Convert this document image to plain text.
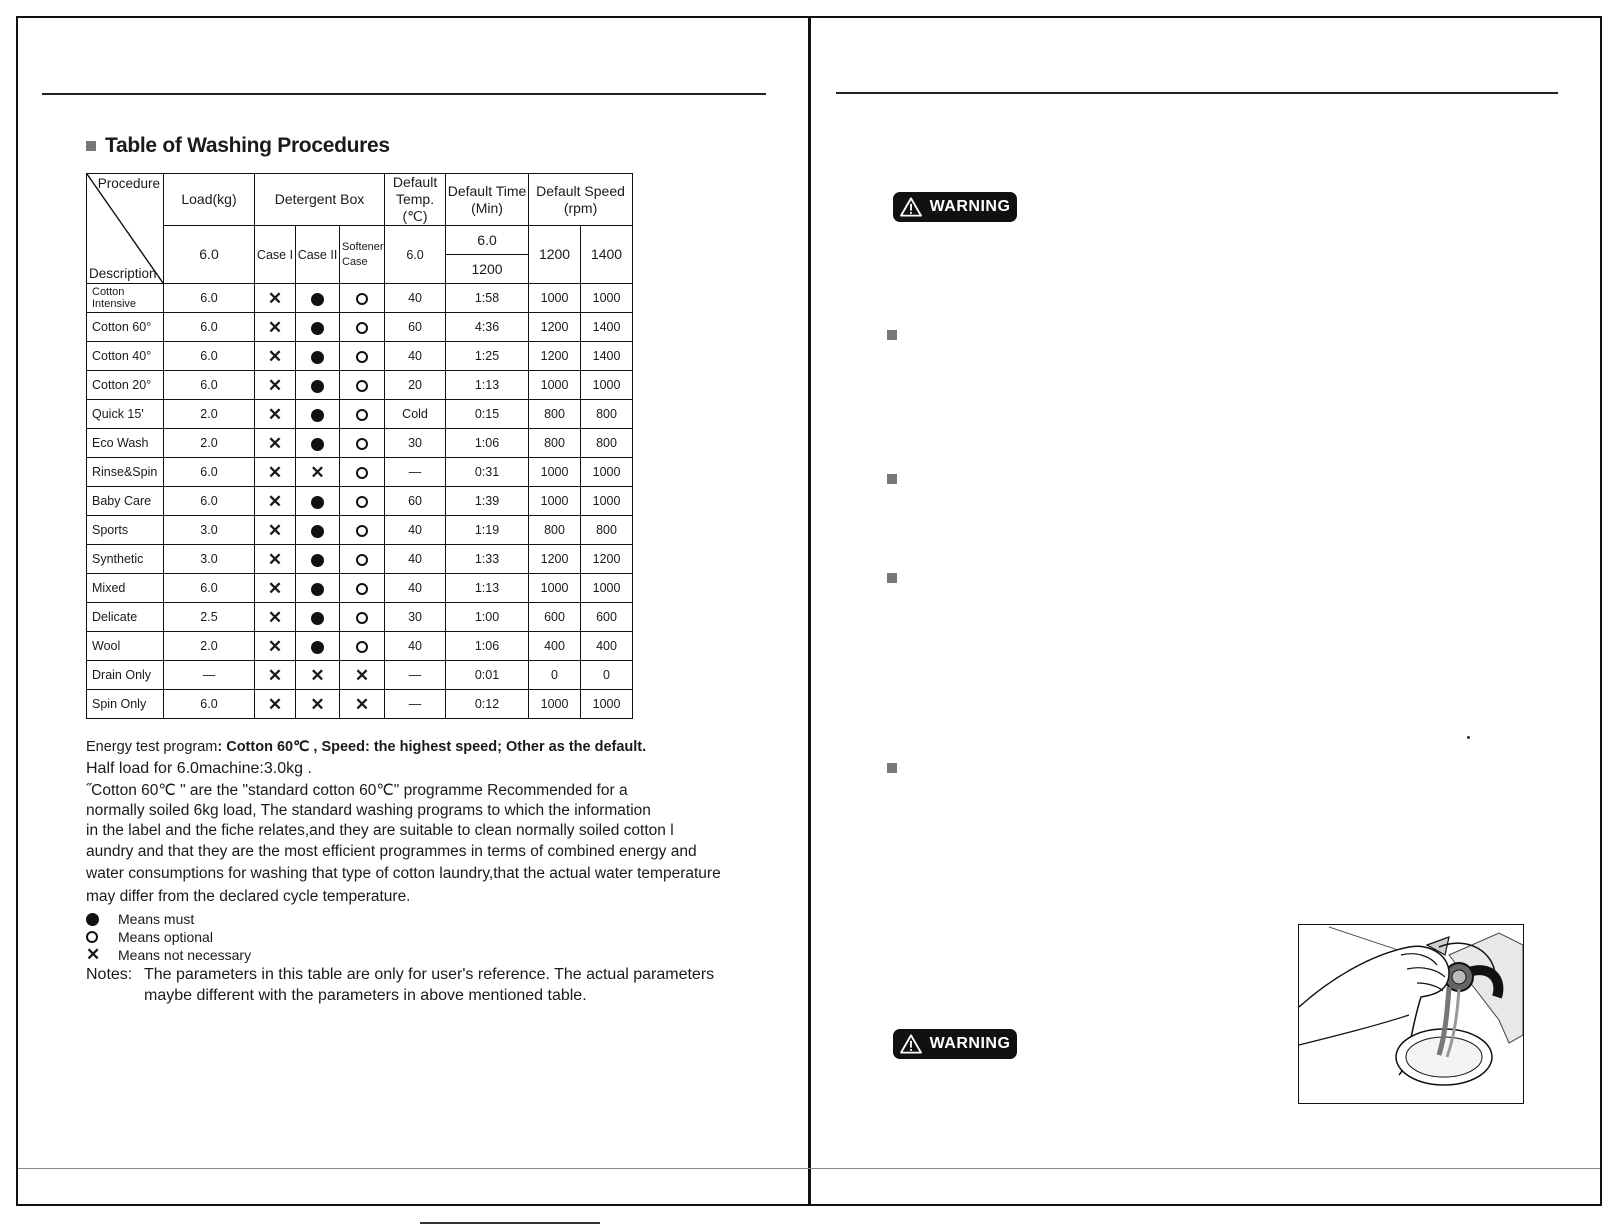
Table of Washing Procedures
Procedure
Description	Load(kg)	Detergent Box			Default Temp.(℃)	Default Time (Min)	Default Speed (rpm)	
	6.0	Case I	Case II	Softener Case	6.0	6.0	1200	1400
						1200		
Cotton Intensive	6.0	✕			40	1:58	1000	1000
Cotton 60°	6.0	✕			60	4:36	1200	1400
Cotton 40°	6.0	✕			40	1:25	1200	1400
Cotton 20°	6.0	✕			20	1:13	1000	1000
Quick 15'	2.0	✕			Cold	0:15	800	800
Eco Wash	2.0	✕			30	1:06	800	800
Rinse&Spin	6.0	✕	✕		—	0:31	1000	1000
Baby Care	6.0	✕			60	1:39	1000	1000
Sports	3.0	✕			40	1:19	800	800
Synthetic	3.0	✕			40	1:33	1200	1200
Mixed	6.0	✕			40	1:13	1000	1000
Delicate	2.5	✕			30	1:00	600	600
Wool	2.0	✕			40	1:06	400	400
Drain Only	—	✕	✕	✕	—	0:01	0	0
Spin Only	6.0	✕	✕	✕	—	0:12	1000	1000
Energy test program: Cotton 60℃ , Speed: the highest speed; Other as the default.
Half load for 6.0machine:3.0kg .
˝Cotton 60℃ " are the "standard cotton 60℃" programme Recommended for a
normally soiled 6kg load, The standard washing programs to which the information
in the label and the fiche relates,and they are suitable to clean normally soiled cotton l
aundry and that they are the most efficient programmes in terms of combined energy and
water consumptions for washing that type of cotton laundry,that the actual water temperature
may differ from the declared cycle temperature.
Means must
Means optional
✕ Means not necessary
Notes: The parameters in this table are only for user's reference. The actual parameters
maybe different with the parameters in above mentioned table.
WARNING
WARNING
